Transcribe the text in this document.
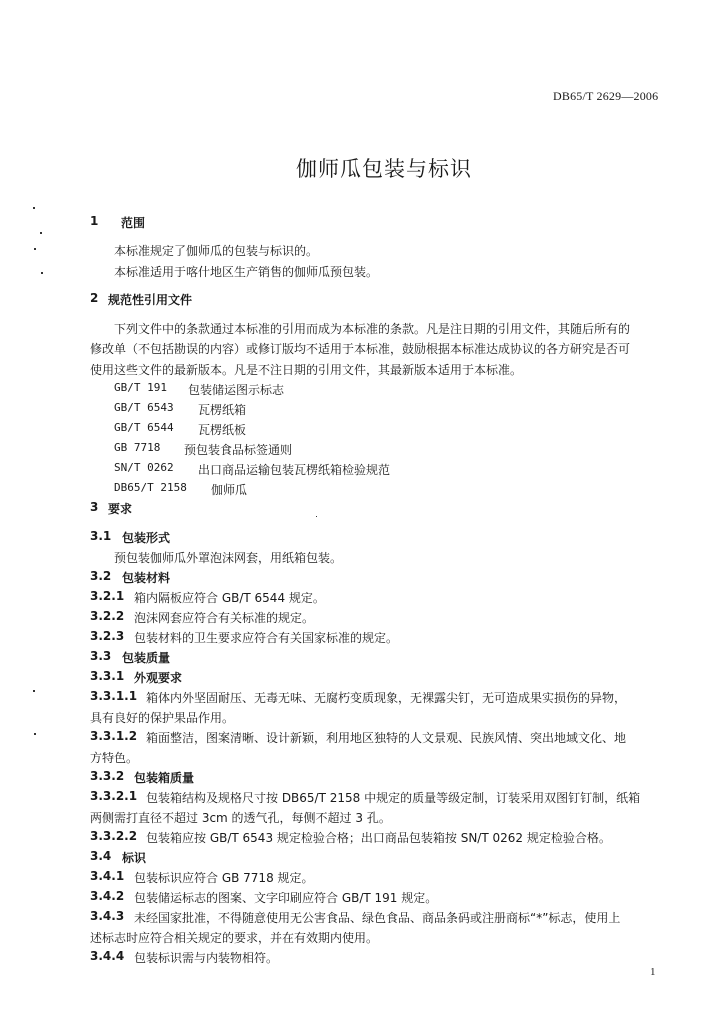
DB65/T 2629—2006
伽师瓜包装与标识
1 范围
本标准规定了伽师瓜的包装与标识的。
本标准适用于喀什地区生产销售的伽师瓜预包装。
2 规范性引用文件
下列文件中的条款通过本标准的引用而成为本标准的条款。凡是注日期的引用文件，其随后所有的
修改单（不包括勘误的内容）或修订版均不适用于本标准，鼓励根据本标准达成协议的各方研究是否可
使用这些文件的最新版本。凡是不注日期的引用文件，其最新版本适用于本标准。
GB/T 191 包装储运图示标志
GB/T 6543 瓦楞纸箱
GB/T 6544 瓦楞纸板
GB 7718 预包装食品标签通则
SN/T 0262 出口商品运输包装瓦楞纸箱检验规范
DB65/T 2158 伽师瓜
3 要求
3.1 包装形式
预包装伽师瓜外罩泡沫网套，用纸箱包装。
3.2 包装材料
3.2.1 箱内隔板应符合 GB/T 6544 规定。
3.2.2 泡沫网套应符合有关标准的规定。
3.2.3 包装材料的卫生要求应符合有关国家标准的规定。
3.3 包装质量
3.3.1 外观要求
3.3.1.1 箱体内外坚固耐压、无毒无味、无腐朽变质现象，无裸露尖钉，无可造成果实损伤的异物，
具有良好的保护果品作用。
3.3.1.2 箱面整洁，图案清晰、设计新颖，利用地区独特的人文景观、民族风情、突出地域文化、地
方特色。
3.3.2 包装箱质量
3.3.2.1 包装箱结构及规格尺寸按 DB65/T 2158 中规定的质量等级定制，订装采用双图钉钉制，纸箱
两侧需打直径不超过 3cm 的透气孔，每侧不超过 3 孔。
3.3.2.2 包装箱应按 GB/T 6543 规定检验合格；出口商品包装箱按 SN/T 0262 规定检验合格。
3.4 标识
3.4.1 包装标识应符合 GB 7718 规定。
3.4.2 包装储运标志的图案、文字印刷应符合 GB/T 191 规定。
3.4.3 未经国家批准，不得随意使用无公害食品、绿色食品、商品条码或注册商标“*”标志，使用上
述标志时应符合相关规定的要求，并在有效期内使用。
3.4.4 包装标识需与内装物相符。
1
